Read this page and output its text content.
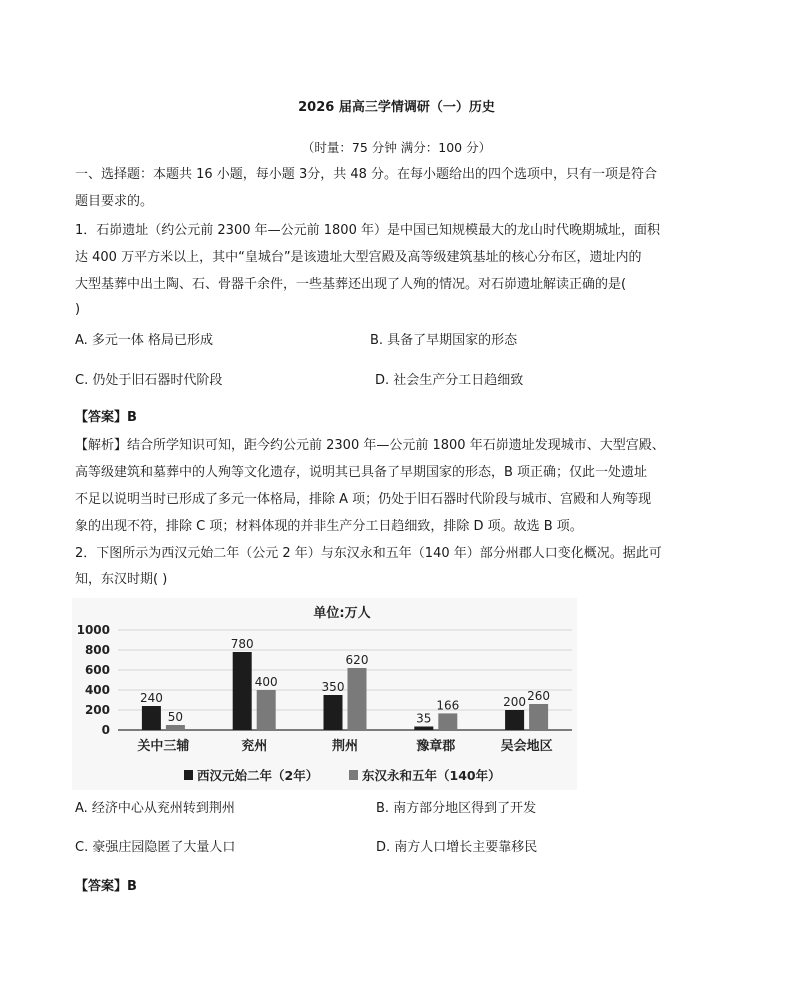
2026 届高三学情调研（一）历史
（时量：75 分钟 满分：100 分）
一、选择题：本题共 16 小题，每小题 3分，共 48 分。在每小题给出的四个选项中，只有一项是符合
题目要求的。
1．石峁遗址（约公元前 2300 年—公元前 1800 年）是中国已知规模最大的龙山时代晚期城址，面积
达 400 万平方米以上，其中“皇城台”是该遗址大型宫殿及高等级建筑基址的核心分布区，遗址内的
大型基葬中出土陶、石、骨器千余件，一些基葬还出现了人殉的情况。对石峁遗址解读正确的是(
)
A. 多元一体 格局已形成	B. 具备了早期国家的形态
C. 仍处于旧石器时代阶段	D. 社会生产分工日趋细致
【答案】B
【解析】结合所学知识可知，距今约公元前 2300 年—公元前 1800 年石峁遗址发现城市、大型宫殿、
高等级建筑和墓葬中的人殉等文化遗存，说明其已具备了早期国家的形态，B 项正确；仅此一处遗址
不足以说明当时已形成了多元一体格局，排除 A 项；仍处于旧石器时代阶段与城市、宫殿和人殉等现
象的出现不符，排除 C 项；材料体现的并非生产分工日趋细致，排除 D 项。故选 B 项。
2．下图所示为西汉元始二年（公元 2 年）与东汉永和五年（140 年）部分州郡人口变化概况。据此可
知，东汉时期( )
单位:万人
1000
800
600
400
200
0
240
50
关中三辅
780
400
兖州
350
620
荆州
35
166
豫章郡
200 260
吴会地区
西汉元始二年（2年）	东汉永和五年（140年）
A. 经济中心从兖州转到荆州	B. 南方部分地区得到了开发
C. 豪强庄园隐匿了大量人口	D. 南方人口增长主要靠移民
【答案】B
